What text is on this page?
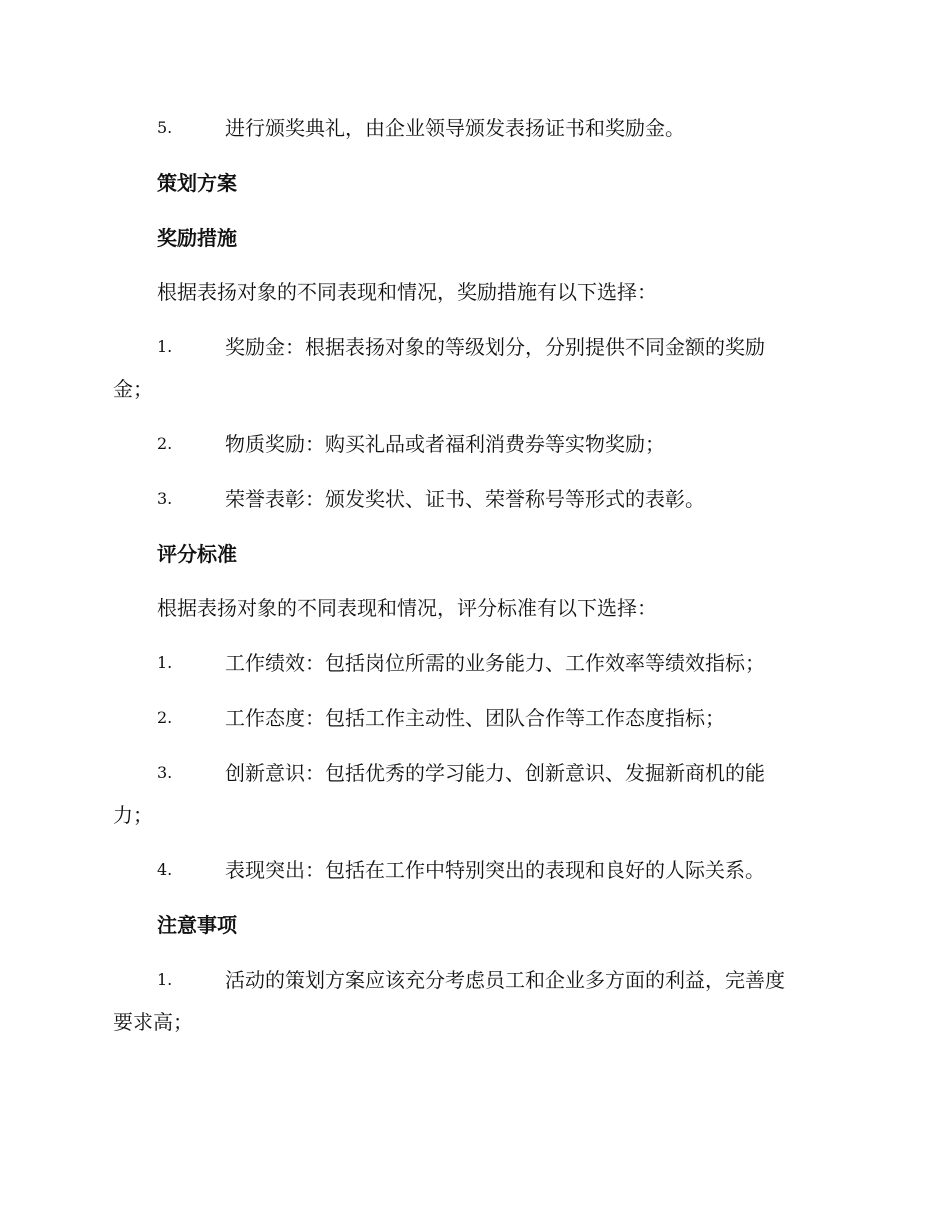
5.	进行颁奖典礼，由企业领导颁发表扬证书和奖励金。
策划方案
奖励措施
根据表扬对象的不同表现和情况，奖励措施有以下选择：
1.	奖励金：根据表扬对象的等级划分，分别提供不同金额的奖励
金；
2.	物质奖励：购买礼品或者福利消费券等实物奖励；
3.	荣誉表彰：颁发奖状、证书、荣誉称号等形式的表彰。
评分标准
根据表扬对象的不同表现和情况，评分标准有以下选择：
1.	工作绩效：包括岗位所需的业务能力、工作效率等绩效指标；
2.	工作态度：包括工作主动性、团队合作等工作态度指标；
3.	创新意识：包括优秀的学习能力、创新意识、发掘新商机的能
力；
4.	表现突出：包括在工作中特别突出的表现和良好的人际关系。
注意事项
1.	活动的策划方案应该充分考虑员工和企业多方面的利益，完善度
要求高；
